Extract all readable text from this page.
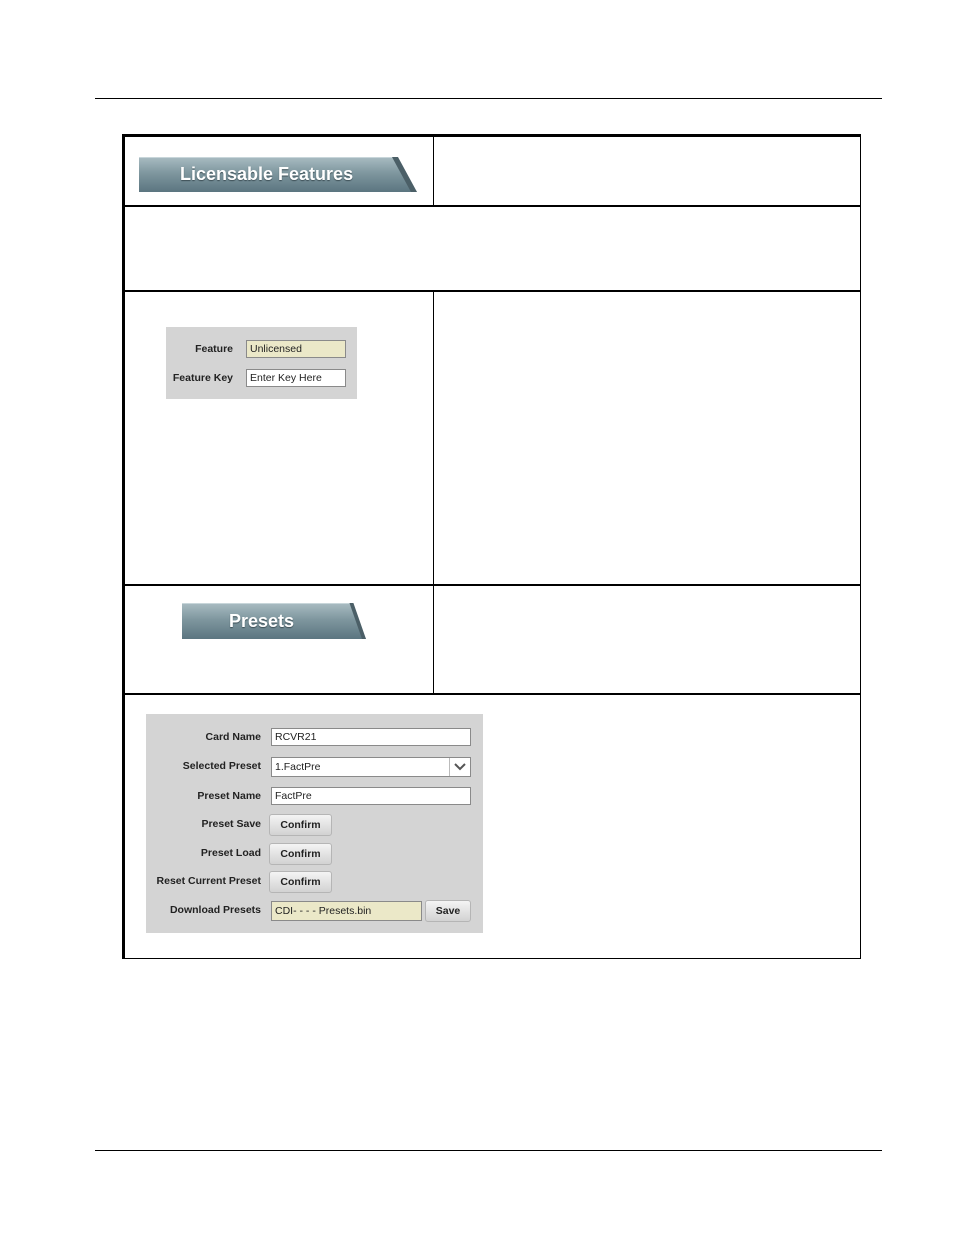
Licensable Features
Feature	Unlicensed
Feature Key	Enter Key Here
Presets
Card Name	RCVR21
Selected Preset	1.FactPre
Preset Name	FactPre
Preset Save	Confirm
Preset Load	Confirm
Reset Current Preset	Confirm
Download Presets	CDI- - - - Presets.bin	Save
